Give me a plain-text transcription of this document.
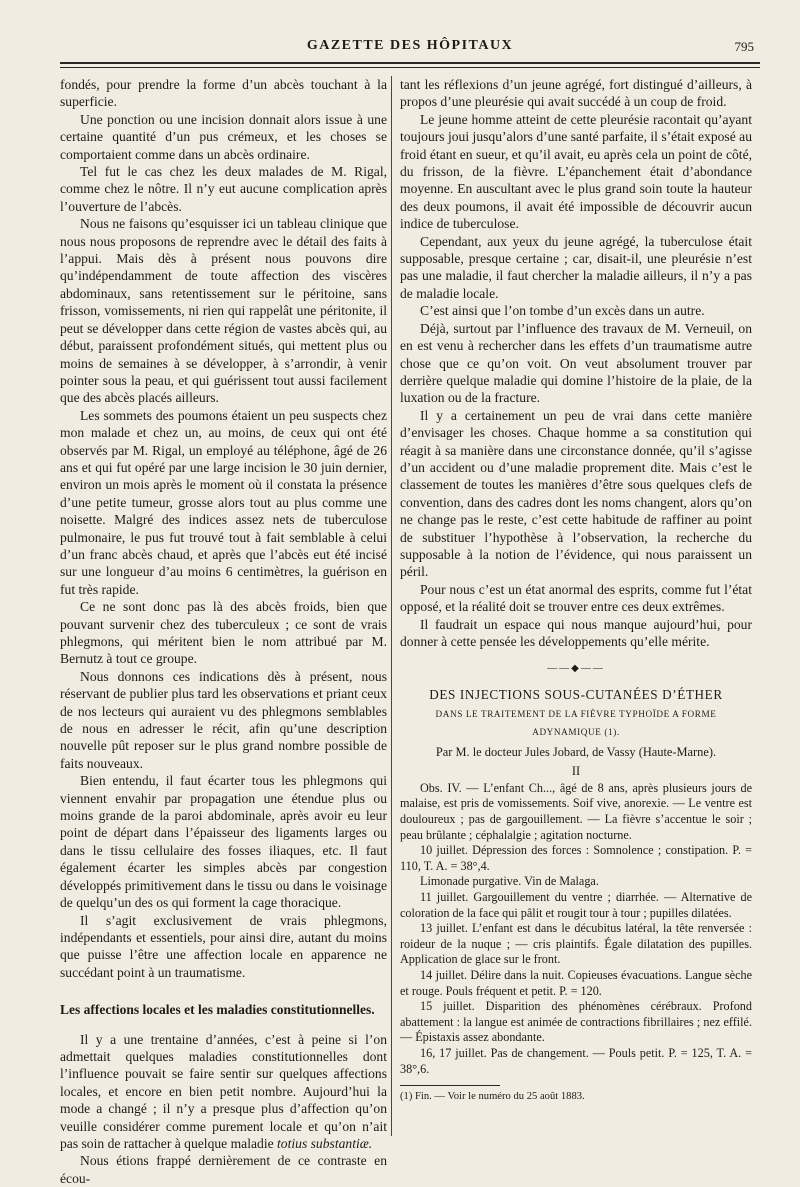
GAZETTE DES HÔPITAUX	795

fondés, pour prendre la forme d’un abcès touchant à la superficie.

Une ponction ou une incision donnait alors issue à une certaine quantité d’un pus crémeux, et les choses se comportaient comme dans un abcès ordinaire.

Tel fut le cas chez les deux malades de M. Rigal, comme chez le nôtre. Il n’y eut aucune complication après l’ouverture de l’abcès.

Nous ne faisons qu’esquisser ici un tableau clinique que nous nous proposons de reprendre avec le détail des faits à l’appui. Mais dès à présent nous pouvons dire qu’indépendamment de toute affection des viscères abdominaux, sans retentissement sur le péritoine, sans frisson, vomissements, ni rien qui rappelât une péritonite, il peut se développer dans cette région de vastes abcès qui, au début, paraissent profondément situés, qui mettent plus ou moins de semaines à se développer, à s’arrondir, à venir pointer sous la peau, et qui guérissent tout aussi facilement que des abcès placés ailleurs.

Les sommets des poumons étaient un peu suspects chez mon malade et chez un, au moins, de ceux qui ont été observés par M. Rigal, un employé au téléphone, âgé de 26 ans et qui fut opéré par une large incision le 30 juin dernier, environ un mois après le moment où il constata la présence d’une petite tumeur, grosse alors tout au plus comme une noisette. Malgré des indices assez nets de tuberculose pulmonaire, le pus fut trouvé tout à fait semblable à celui d’un franc abcès chaud, et après que l’abcès eut été incisé sur une longueur d’au moins 6 centimètres, la guérison en fut très rapide.

Ce ne sont donc pas là des abcès froids, bien que pouvant survenir chez des tuberculeux ; ce sont de vrais phlegmons, qui méritent bien le nom attribué par M. Bernutz à tout ce groupe.

Nous donnons ces indications dès à présent, nous réservant de publier plus tard les observations et priant ceux de nos lecteurs qui auraient vu des phlegmons semblables de nous en adresser le récit, afin qu’une description nouvelle pût reposer sur le plus grand nombre possible de faits nouveaux.

Bien entendu, il faut écarter tous les phlegmons qui viennent envahir par propagation une étendue plus ou moins grande de la paroi abdominale, après avoir eu leur point de départ dans l’épaisseur des ligaments larges ou dans le tissu cellulaire des fosses iliaques, etc. Il faut également écarter les simples abcès par congestion développés primitivement dans le tissu ou dans le voisinage de quelqu’un des os qui forment la cage thoracique.

Il s’agit exclusivement de vrais phlegmons, indépendants et essentiels, pour ainsi dire, autant du moins que puisse l’être une affection locale en apparence ne succédant point à un traumatisme.

Les affections locales et les maladies constitutionnelles.

Il y a une trentaine d’années, c’est à peine si l’on admettait quelques maladies constitutionnelles dont l’influence pouvait se faire sentir sur quelques affections locales, et encore en bien petit nombre. Aujourd’hui la mode a changé ; il n’y a presque plus d’affection qu’on veuille considérer comme purement locale et qu’on n’ait pas soin de rattacher à quelque maladie totius substantiæ.

Nous étions frappé dernièrement de ce contraste en écou-

tant les réflexions d’un jeune agrégé, fort distingué d’ailleurs, à propos d’une pleurésie qui avait succédé à un coup de froid.

Le jeune homme atteint de cette pleurésie racontait qu’ayant toujours joui jusqu’alors d’une santé parfaite, il s’était exposé au froid étant en sueur, et qu’il avait, eu après cela un point de côté, du frisson, de la fièvre. L’épanchement était d’abondance moyenne. En auscultant avec le plus grand soin toute la hauteur des deux poumons, il avait été impossible de découvrir aucun indice de tuberculose.

Cependant, aux yeux du jeune agrégé, la tuberculose était supposable, presque certaine ; car, disait-il, une pleurésie n’est pas une maladie, il faut chercher la maladie ailleurs, il n’y a pas de maladie locale.

C’est ainsi que l’on tombe d’un excès dans un autre.

Déjà, surtout par l’influence des travaux de M. Verneuil, on en est venu à rechercher dans les effets d’un traumatisme autre chose que ce qu’on voit. On veut absolument trouver par derrière quelque maladie qui domine l’histoire de la plaie, de la luxation ou de la fracture.

Il y a certainement un peu de vrai dans cette manière d’envisager les choses. Chaque homme a sa constitution qui réagit à sa manière dans une circonstance donnée, qu’il s’agisse d’un accident ou d’une maladie proprement dite. Mais c’est le classement de toutes les manières d’être sous quelques clefs de convention, dans des cadres dont les noms changent, alors qu’on ne change pas le reste, c’est cette habitude de raffiner au point de substituer l’hypothèse à l’observation, la recherche du supposable à la notion de l’évidence, qui nous paraissent un péril.

Pour nous c’est un état anormal des esprits, comme fut l’état opposé, et la réalité doit se trouver entre ces deux extrêmes.

Il faudrait un espace qui nous manque aujourd’hui, pour donner à cette pensée les développements qu’elle mérite.

——◆——
DES INJECTIONS SOUS-CUTANÉES D’ÉTHER
DANS LE TRAITEMENT DE LA FIÈVRE TYPHOÏDE A FORME ADYNAMIQUE (1).
Par M. le docteur Jules Jobard, de Vassy (Haute-Marne).
II

Obs. IV. — L’enfant Ch..., âgé de 8 ans, après plusieurs jours de malaise, est pris de vomissements. Soif vive, anorexie. — Le ventre est douloureux ; pas de gargouillement. — La fièvre s’accentue le soir ; peau brûlante ; céphalalgie ; agitation nocturne.

10 juillet. Dépression des forces : Somnolence ; constipation. P. = 110, T. A. = 38°,4.

Limonade purgative. Vin de Malaga.

11 juillet. Gargouillement du ventre ; diarrhée. — Alternative de coloration de la face qui pâlit et rougit tour à tour ; pupilles dilatées.

13 juillet. L’enfant est dans le décubitus latéral, la tête renversée : roideur de la nuque ; — cris plaintifs. Égale dilatation des pupilles. Application de glace sur le front.

14 juillet. Délire dans la nuit. Copieuses évacuations. Langue sèche et rouge. Pouls fréquent et petit. P. = 120.

15 juillet. Disparition des phénomènes cérébraux. Profond abattement : la langue est animée de contractions fibrillaires ; nez effilé. — Épistaxis assez abondante.

16, 17 juillet. Pas de changement. — Pouls petit. P. = 125, T. A. = 38°,6.

(1) Fin. — Voir le numéro du 25 août 1883.
